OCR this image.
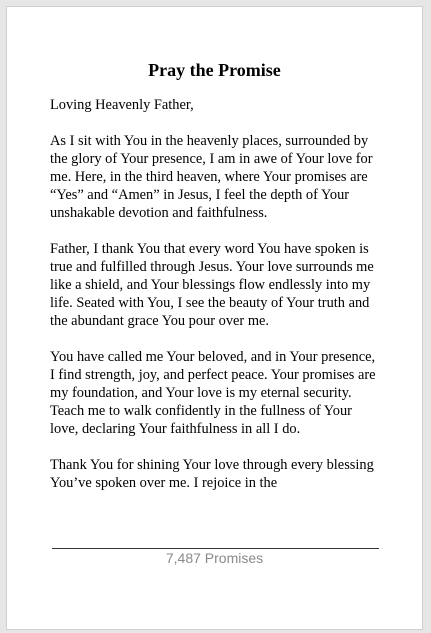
Pray the Promise

Loving Heavenly Father,

As I sit with You in the heavenly places, surrounded by the glory of Your presence, I am in awe of Your love for me. Here, in the third heaven, where Your promises are “Yes” and “Amen” in Jesus, I feel the depth of Your unshakable devotion and faithfulness.

Father, I thank You that every word You have spoken is true and fulfilled through Jesus. Your love surrounds me like a shield, and Your blessings flow endlessly into my life. Seated with You, I see the beauty of Your truth and the abundant grace You pour over me.

You have called me Your beloved, and in Your presence, I find strength, joy, and perfect peace. Your promises are my foundation, and Your love is my eternal security. Teach me to walk confidently in the fullness of Your love, declaring Your faithfulness in all I do.

Thank You for shining Your love through every blessing You’ve spoken over me. I rejoice in the

7,487 Promises
